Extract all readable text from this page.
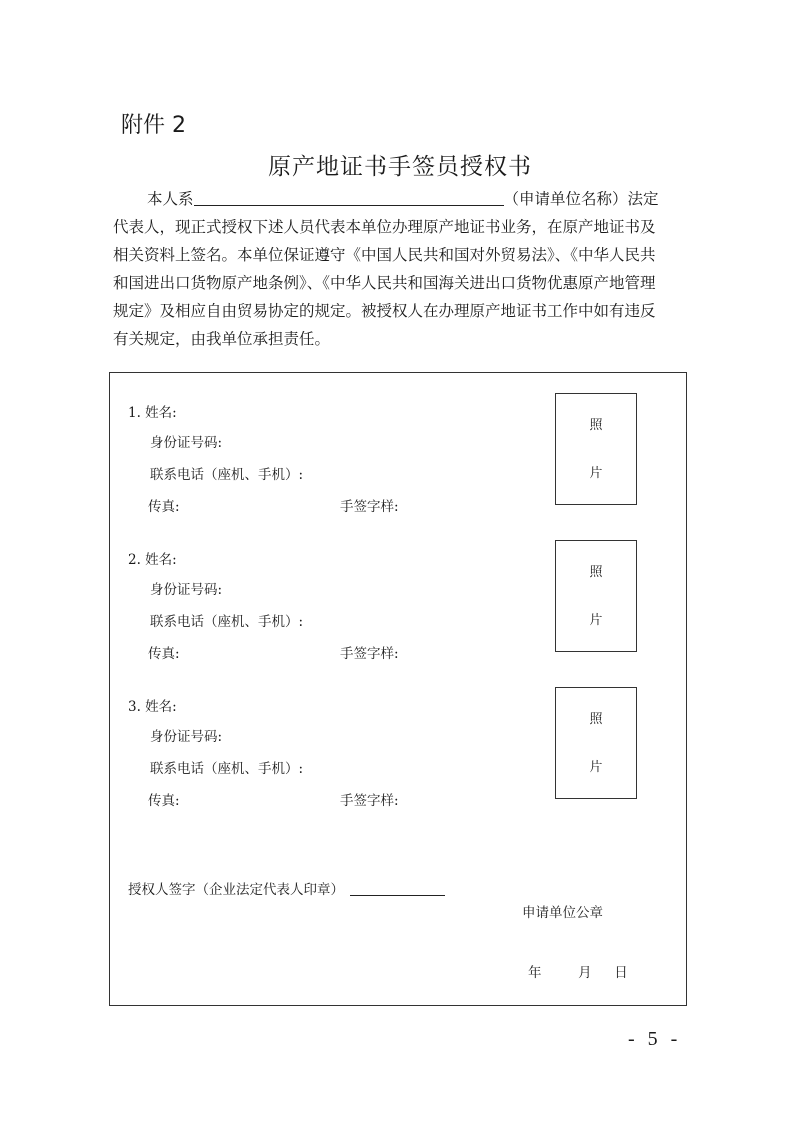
附件 2
原产地证书手签员授权书
本人系	（申请单位名称）法定
代表人，现正式授权下述人员代表本单位办理原产地证书业务，在原产地证书及
相关资料上签名。本单位保证遵守《中国人民共和国对外贸易法》、《中华人民共
和国进出口货物原产地条例》、《中华人民共和国海关进出口货物优惠原产地管理
规定》及相应自由贸易协定的规定。被授权人在办理原产地证书工作中如有违反
有关规定，由我单位承担责任。
1. 姓名:
身份证号码:
联系电话（座机、手机）:
传真:	手签字样:
照
片
2. 姓名:
身份证号码:
联系电话（座机、手机）:
传真:	手签字样:
照
片
3. 姓名:
身份证号码:
联系电话（座机、手机）:
传真:	手签字样:
照
片
授权人签字（企业法定代表人印章）
申请单位公章
年	月 日
- 5 -
